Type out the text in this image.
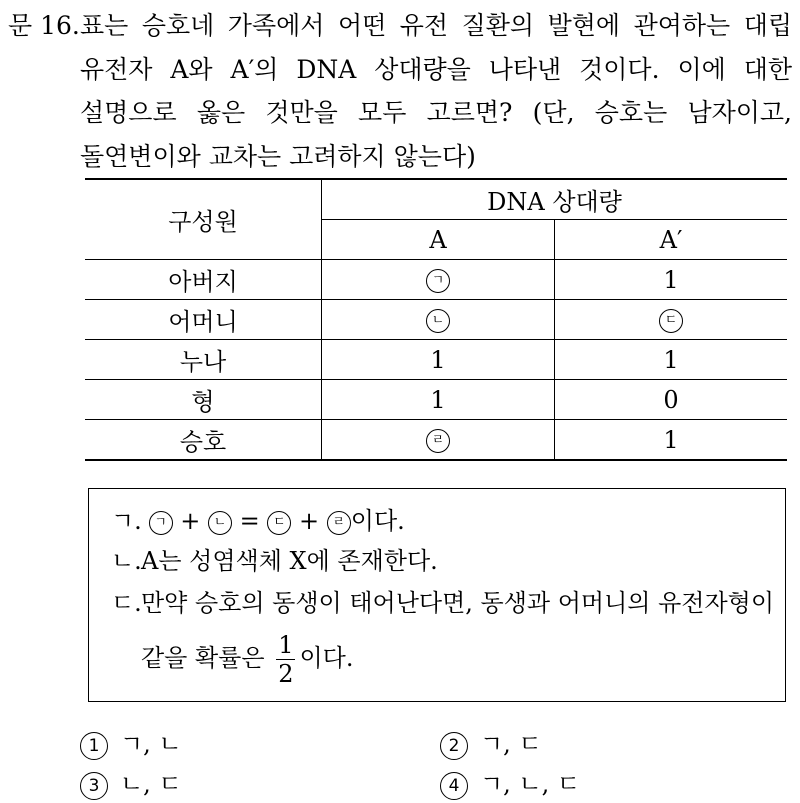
문 16. 표는 승호네 가족에서 어떤 유전 질환의 발현에 관여하는 대립
유전자 A와 A′의 DNA 상대량을 나타낸 것이다. 이에 대한
설명으로 옳은 것만을 모두 고르면? (단, 승호는 남자이고,
돌연변이와 교차는 고려하지 않는다)
구성원	DNA 상대량	
	A	A′
아버지	ㄱ	1
어머니	ㄴ	ㄷ
누나	1	1
형	1	0
승호	ㄹ	1
ㄱ. ㄱ + ㄴ = ㄷ + ㄹ 이다.
ㄴ.A는 성염색체 X에 존재한다.
ㄷ.만약 승호의 동생이 태어난다면, 동생과 어머니의 유전자형이
같을 확률은 $\frac{1}{2}$ 이다.
1 ㄱ, ㄴ	2 ㄱ, ㄷ
3 ㄴ, ㄷ	4 ㄱ, ㄴ, ㄷ
